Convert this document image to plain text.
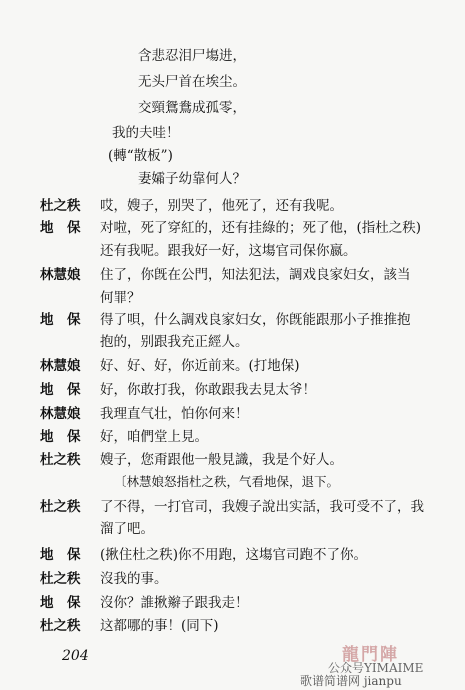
含悲忍泪尸塲进，
无头尸首在埃尘。
交頸鴛鴦成孤零，
我的夫哇！
(轉“散板”)
妻孀子幼靠何人？
杜之秩	哎，嫂子，别哭了，他死了，还有我呢。
地　保	对啦，死了穿紅的，还有挂綠的；死了他，(指杜之秩)
还有我呢。跟我好一好，这塲官司保你嬴。
林慧娘	住了，你旣在公門，知法犯法，調戏良家妇女，該当
何罪？
地　保	得了唄，什么調戏良家妇女，你旣能跟那小子推推抱
抱的，别跟我充正經人。
林慧娘	好、好、好，你近前来。(打地保)
地　保	好，你敢打我，你敢跟我去見太爷！
林慧娘	我理直气壮，怕你何来！
地　保	好，咱們堂上見。
杜之秩	嫂子，您甭跟他一般見識，我是个好人。
〔林慧娘怒指杜之秩，气看地保，退下。
杜之秩	了不得，一打官司，我嫂子說出实話，我可受不了，我
溜了吧。
地　保	(揪住杜之秩)你不用跑，这塲官司跑不了你。
杜之秩	沒我的事。
地　保	沒你？誰揪辮子跟我走！
杜之秩	这都哪的事！(同下)
204	龍門陣
公众号YIMAIME
歌谱简谱网 jianpu
